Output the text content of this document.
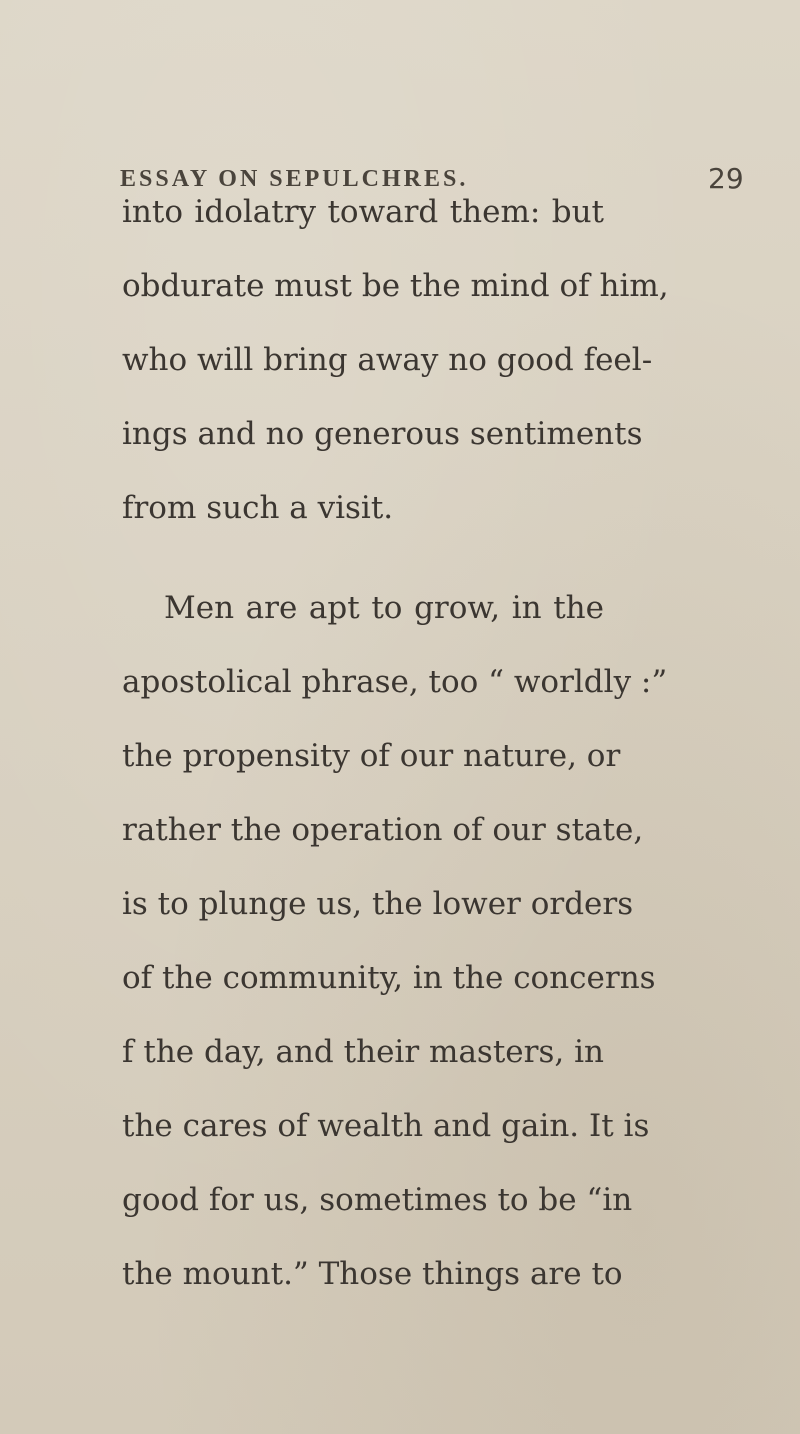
ESSAY ON SEPULCHRES.	29
into idolatry toward them: but
obdurate must be the mind of him,
who will bring away no good feel-
ings and no generous sentiments
from such a visit.
Men are apt to grow, in the
apostolical phrase, too “ worldly :”
the propensity of our nature, or
rather the operation of our state,
is to plunge us, the lower orders
of the community, in the concerns
f the day, and their masters, in
the cares of wealth and gain. It is
good for us, sometimes to be “in
the mount.” Those things are to
